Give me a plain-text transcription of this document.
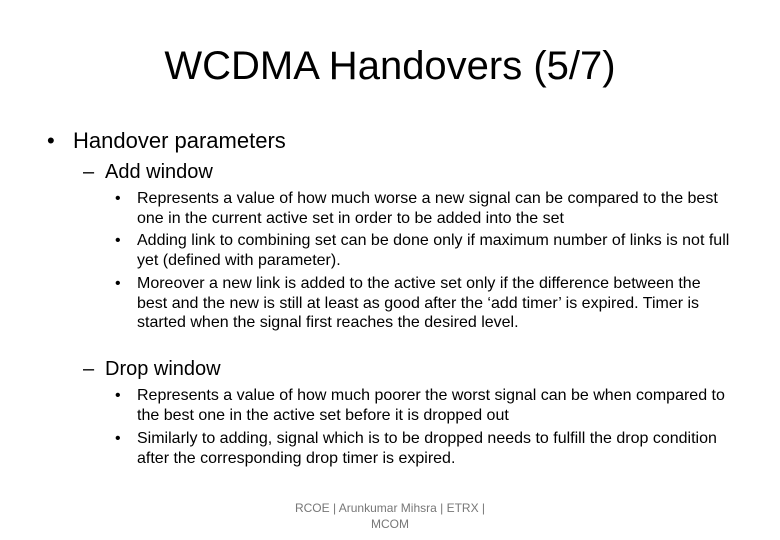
WCDMA Handovers (5/7)
• Handover parameters
– Add window
• Represents a value of how much worse a new signal can be compared to the best one in the current active set in order to be added into the set
• Adding link to combining set can be done only if maximum number of links is not full yet (defined with parameter).
• Moreover a new link is added to the active set only if the difference between the best and the new is still at least as good after the ‘add timer’ is expired. Timer is started when the signal first reaches the desired level.
– Drop window
• Represents a value of how much poorer the worst signal can be when compared to the best one in the active set before it is dropped out
• Similarly to adding, signal which is to be dropped needs to fulfill the drop condition after the corresponding drop timer is expired.
RCOE | Arunkumar Mihsra | ETRX |
MCOM
